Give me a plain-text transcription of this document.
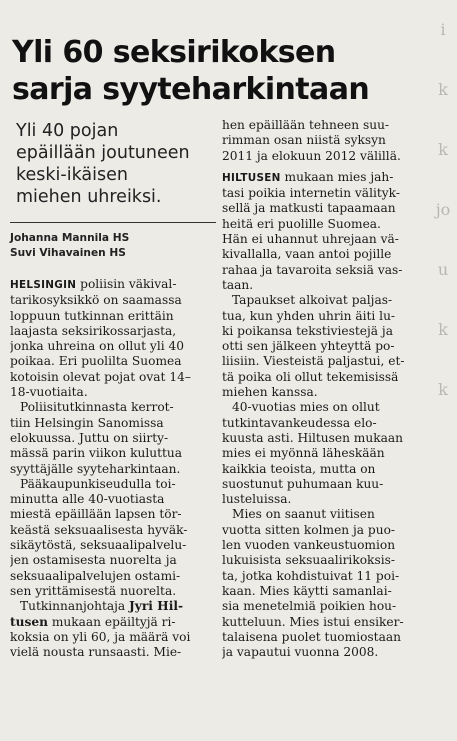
Yli 60 seksirikoksen
sarja syyteharkintaan
Yli 40 pojan
epäillään joutuneen
keski-ikäisen
miehen uhreiksi.
Johanna Mannila HS
Suvi Vihavainen HS
HELSINGIN poliisin väkival-
tarikosyksikkö on saamassa
loppuun tutkinnan erittäin
laajasta seksirikossarjasta,
jonka uhreina on ollut yli 40
poikaa. Eri puolilta Suomea
kotoisin olevat pojat ovat 14–
18-vuotiaita.
Poliisitutkinnasta kerrot-
tiin Helsingin Sanomissa
elokuussa. Juttu on siirty-
mässä parin viikon kuluttua
syyttäjälle syyteharkintaan.
Pääkaupunkiseudulla toi-
minutta alle 40-vuotiasta
miestä epäillään lapsen tör-
keästä seksuaalisesta hyväk-
sikäytöstä, seksuaalipalvelu-
jen ostamisesta nuorelta ja
seksuaalipalvelujen ostami-
sen yrittämisestä nuorelta.
Tutkinnanjohtaja Jyri Hil-
tusen mukaan epäiltyjä ri-
koksia on yli 60, ja määrä voi
vielä nousta runsaasti. Mie-
hen epäillään tehneen suu-
rimman osan niistä syksyn
2011 ja elokuun 2012 välillä.
HILTUSEN mukaan mies jah-
tasi poikia internetin välityk-
sellä ja matkusti tapaamaan
heitä eri puolille Suomea.
Hän ei uhannut uhrejaan vä-
kivallalla, vaan antoi pojille
rahaa ja tavaroita seksiä vas-
taan.
Tapaukset alkoivat paljas-
tua, kun yhden uhrin äiti lu-
ki poikansa tekstiviestejä ja
otti sen jälkeen yhteyttä po-
liisiin. Viesteistä paljastui, et-
tä poika oli ollut tekemisissä
miehen kanssa.
40-vuotias mies on ollut
tutkintavankeudessa elo-
kuusta asti. Hiltusen mukaan
mies ei myönnä läheskään
kaikkia teoista, mutta on
suostunut puhumaan kuu-
lusteluissa.
Mies on saanut viitisen
vuotta sitten kolmen ja puo-
len vuoden vankeustuomion
lukuisista seksuaalirikoksis-
ta, jotka kohdistuivat 11 poi-
kaan. Mies käytti samanlai-
sia menetelmiä poikien hou-
kutteluun. Mies istui ensiker-
talaisena puolet tuomiostaan
ja vapautui vuonna 2008.
i
k
k
jo
u
k
k
